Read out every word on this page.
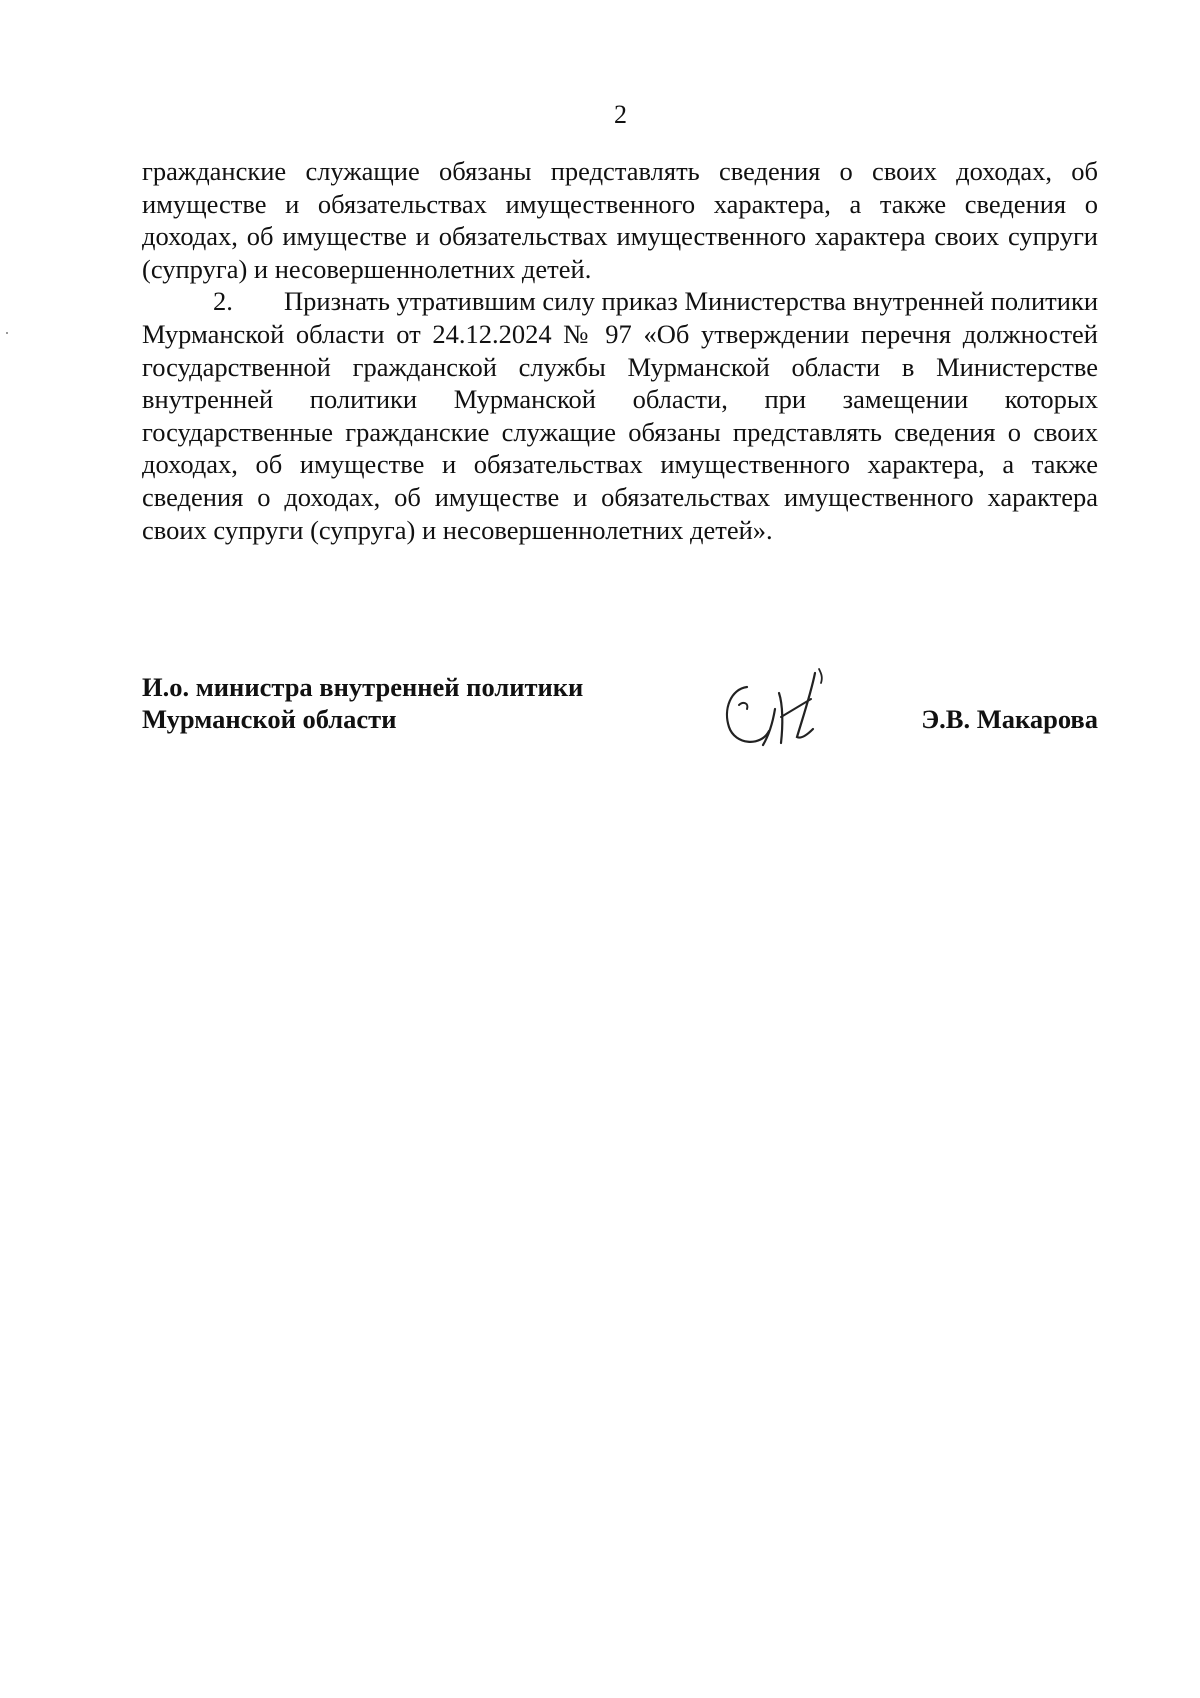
2

гражданские служащие обязаны представлять сведения о своих доходах, об имуществе и обязательствах имущественного характера, а также сведения о доходах, об имуществе и обязательствах имущественного характера своих супруги (супруга) и несовершеннолетних детей.

2. Признать утратившим силу приказ Министерства внутренней политики Мурманской области от 24.12.2024 № 97 «Об утверждении перечня должностей государственной гражданской службы Мурманской области в Министерстве внутренней политики Мурманской области, при замещении которых государственные гражданские служащие обязаны представлять сведения о своих доходах, об имуществе и обязательствах имущественного характера, а также сведения о доходах, об имуществе и обязательствах имущественного характера своих супруги (супруга) и несовершеннолетних детей».

И.о. министра внутренней политики
Мурманской области	Э.В. Макарова
